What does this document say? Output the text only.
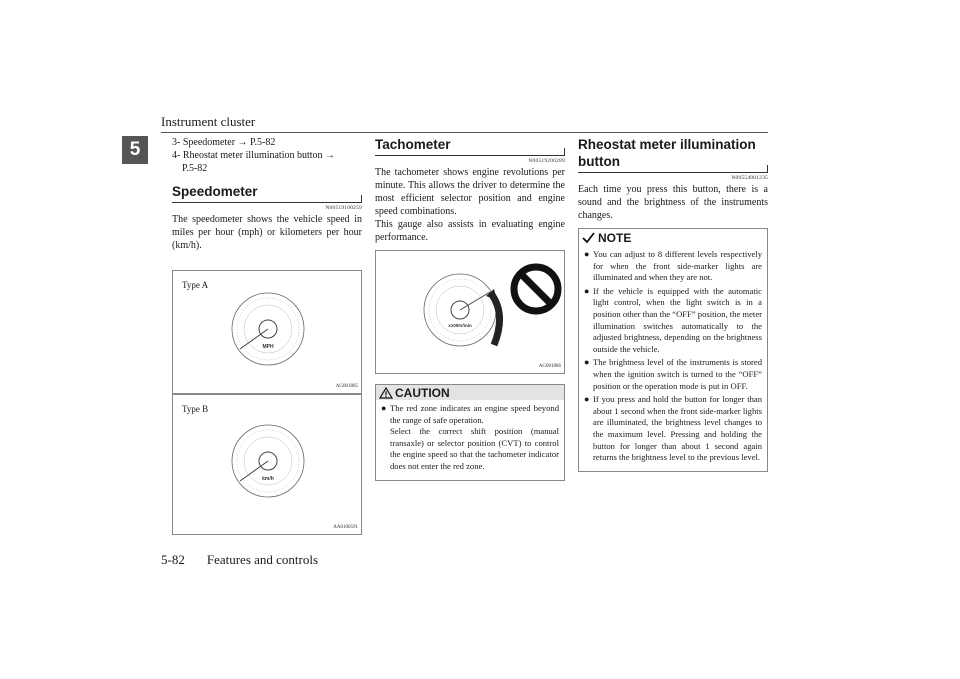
Instrument cluster
5	3- Speedometer → P.5-82
4- Rheostat meter illumination button →
P.5-82
Speedometer
N00519100259
The speedometer shows the vehicle speed in miles per hour (mph) or kilometers per hour (km/h).
Type A
MPH
AG001885
Type B
km/h
AA0100591
Tachometer
N00519200289
The tachometer shows engine revolutions per minute. This allows the driver to determine the most efficient selector position and engine speed combinations.
This gauge also assists in evaluating engine performance.
x1000r/min
AG001886
CAUTION
● The red zone indicates an engine speed beyond the range of safe operation.
Select the correct shift position (manual transaxle) or selector position (CVT) to control the engine speed so that the tachometer indicator does not enter the red zone.
Rheostat meter illumination button
N00554901235
Each time you press this button, there is a sound and the brightness of the instruments changes.
NOTE
● You can adjust to 8 different levels respectively for when the front side-marker lights are illuminated and when they are not.
● If the vehicle is equipped with the automatic light control, when the light switch is in a position other than the “OFF” position, the meter illumination switches automatically to the adjusted brightness, depending on the brightness outside the vehicle.
● The brightness level of the instruments is stored when the ignition switch is turned to the “OFF” position or the operation mode is put in OFF.
● If you press and hold the button for longer than about 1 second when the front side-marker lights are illuminated, the brightness level changes to the maximum level. Pressing and holding the button for longer than about 1 second again returns the brightness level to the previous level.
5-82 Features and controls
